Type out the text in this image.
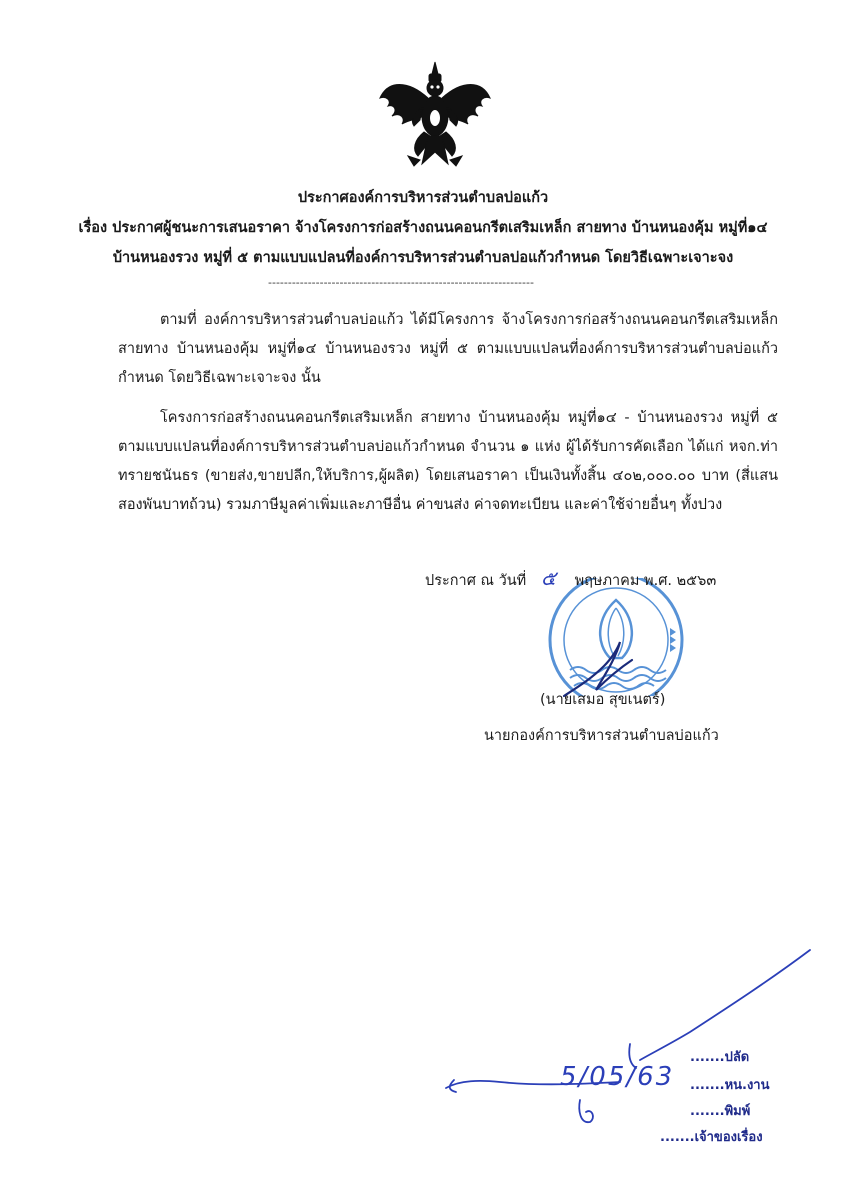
ประกาศองค์การบริหารส่วนตำบลบ่อแก้ว
เรื่อง ประกาศผู้ชนะการเสนอราคา จ้างโครงการก่อสร้างถนนคอนกรีตเสริมเหล็ก สายทาง บ้านหนองคุ้ม หมู่ที่๑๔
บ้านหนองรวง หมู่ที่ ๕ ตามแบบแปลนที่องค์การบริหารส่วนตำบลบ่อแก้วกำหนด โดยวิธีเฉพาะเจาะจง
-------------------------------------------------------------------
ตามที่ องค์การบริหารส่วนตำบลบ่อแก้ว ได้มีโครงการ จ้างโครงการก่อสร้างถนนคอนกรีตเสริมเหล็ก สายทาง บ้านหนองคุ้ม หมู่ที่๑๔ บ้านหนองรวง หมู่ที่ ๕ ตามแบบแปลนที่องค์การบริหารส่วนตำบลบ่อแก้วกำหนด โดยวิธีเฉพาะเจาะจง นั้น
โครงการก่อสร้างถนนคอนกรีตเสริมเหล็ก สายทาง บ้านหนองคุ้ม หมู่ที่๑๔ - บ้านหนองรวง หมู่ที่ ๕ ตามแบบแปลนที่องค์การบริหารส่วนตำบลบ่อแก้วกำหนด จำนวน ๑ แห่ง ผู้ได้รับการคัดเลือก ได้แก่ หจก.ท่าทรายชนันธร (ขายส่ง,ขายปลีก,ให้บริการ,ผู้ผลิต) โดยเสนอราคา เป็นเงินทั้งสิ้น ๔๐๒,๐๐๐.๐๐ บาท (สี่แสนสองพันบาทถ้วน) รวมภาษีมูลค่าเพิ่มและภาษีอื่น ค่าขนส่ง ค่าจดทะเบียน และค่าใช้จ่ายอื่นๆ ทั้งปวง
ประกาศ ณ วันที่ ๕ พฤษภาคม พ.ศ. ๒๕๖๓
(นายเสมอ สุขเนตร์)
นายกองค์การบริหารส่วนตำบลบ่อแก้ว
5/05/63
.......ปลัด
.......หน.งาน
.......พิมพ์
.......เจ้าของเรื่อง
